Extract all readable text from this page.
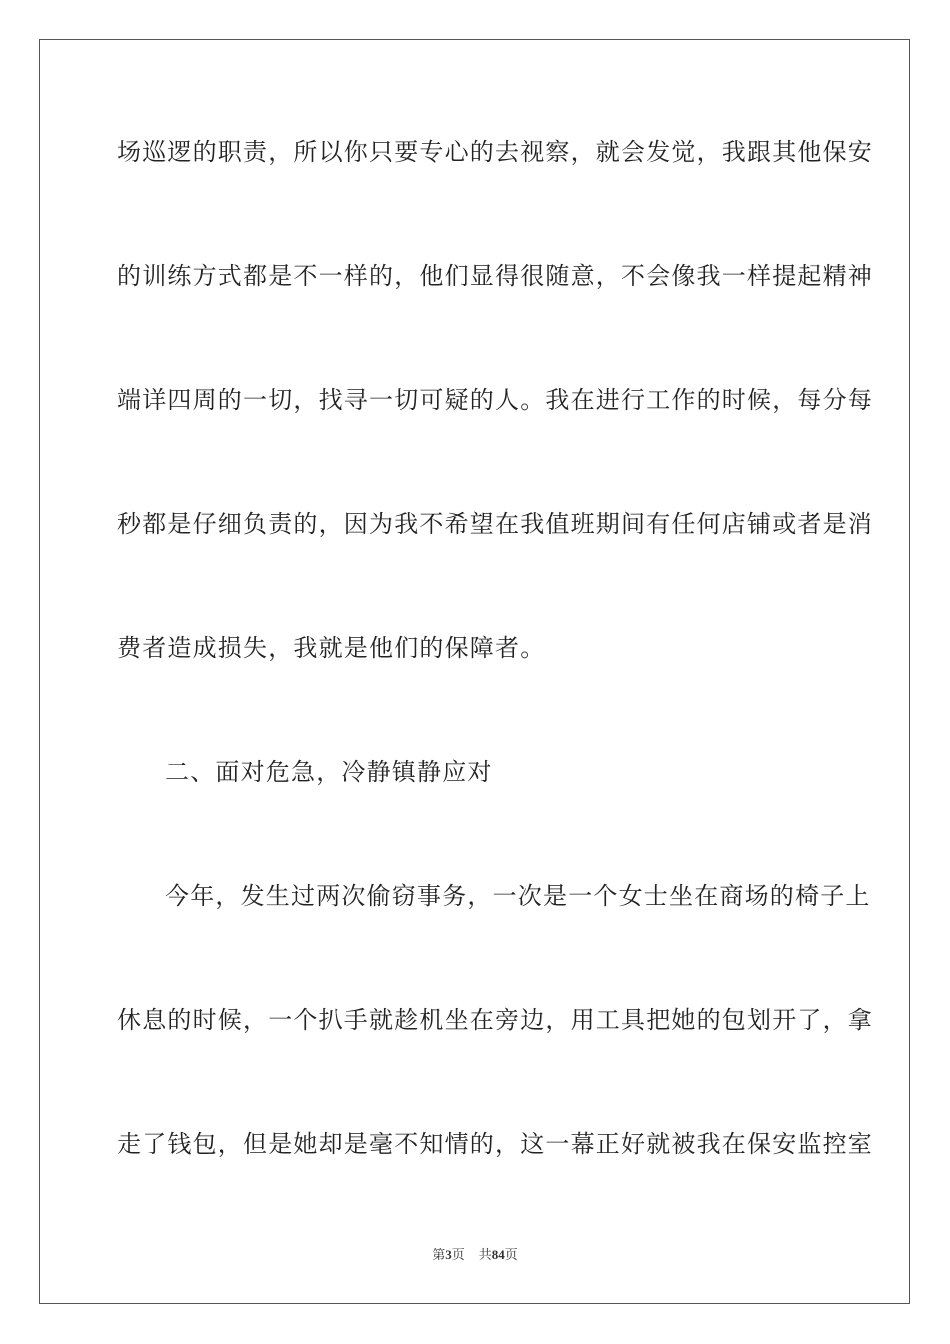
场巡逻的职责，所以你只要专心的去视察，就会发觉，我跟其他保安
的训练方式都是不一样的，他们显得很随意，不会像我一样提起精神
端详四周的一切，找寻一切可疑的人。我在进行工作的时候，每分每
秒都是仔细负责的，因为我不希望在我值班期间有任何店铺或者是消
费者造成损失，我就是他们的保障者。
二、面对危急，冷静镇静应对
今年，发生过两次偷窃事务，一次是一个女士坐在商场的椅子上
休息的时候，一个扒手就趁机坐在旁边，用工具把她的包划开了，拿
走了钱包，但是她却是毫不知情的，这一幕正好就被我在保安监控室
第3页 共84页
